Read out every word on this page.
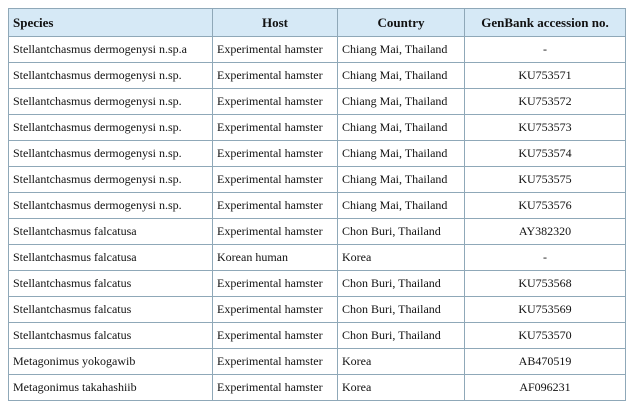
Species	Host	Country	GenBank accession no.
Stellantchasmus dermogenysi n.sp.a	Experimental hamster	Chiang Mai, Thailand	-
Stellantchasmus dermogenysi n.sp.	Experimental hamster	Chiang Mai, Thailand	KU753571
Stellantchasmus dermogenysi n.sp.	Experimental hamster	Chiang Mai, Thailand	KU753572
Stellantchasmus dermogenysi n.sp.	Experimental hamster	Chiang Mai, Thailand	KU753573
Stellantchasmus dermogenysi n.sp.	Experimental hamster	Chiang Mai, Thailand	KU753574
Stellantchasmus dermogenysi n.sp.	Experimental hamster	Chiang Mai, Thailand	KU753575
Stellantchasmus dermogenysi n.sp.	Experimental hamster	Chiang Mai, Thailand	KU753576
Stellantchasmus falcatusa	Experimental hamster	Chon Buri, Thailand	AY382320
Stellantchasmus falcatusa	Korean human	Korea	-
Stellantchasmus falcatus	Experimental hamster	Chon Buri, Thailand	KU753568
Stellantchasmus falcatus	Experimental hamster	Chon Buri, Thailand	KU753569
Stellantchasmus falcatus	Experimental hamster	Chon Buri, Thailand	KU753570
Metagonimus yokogawib	Experimental hamster	Korea	AB470519
Metagonimus takahashiib	Experimental hamster	Korea	AF096231
